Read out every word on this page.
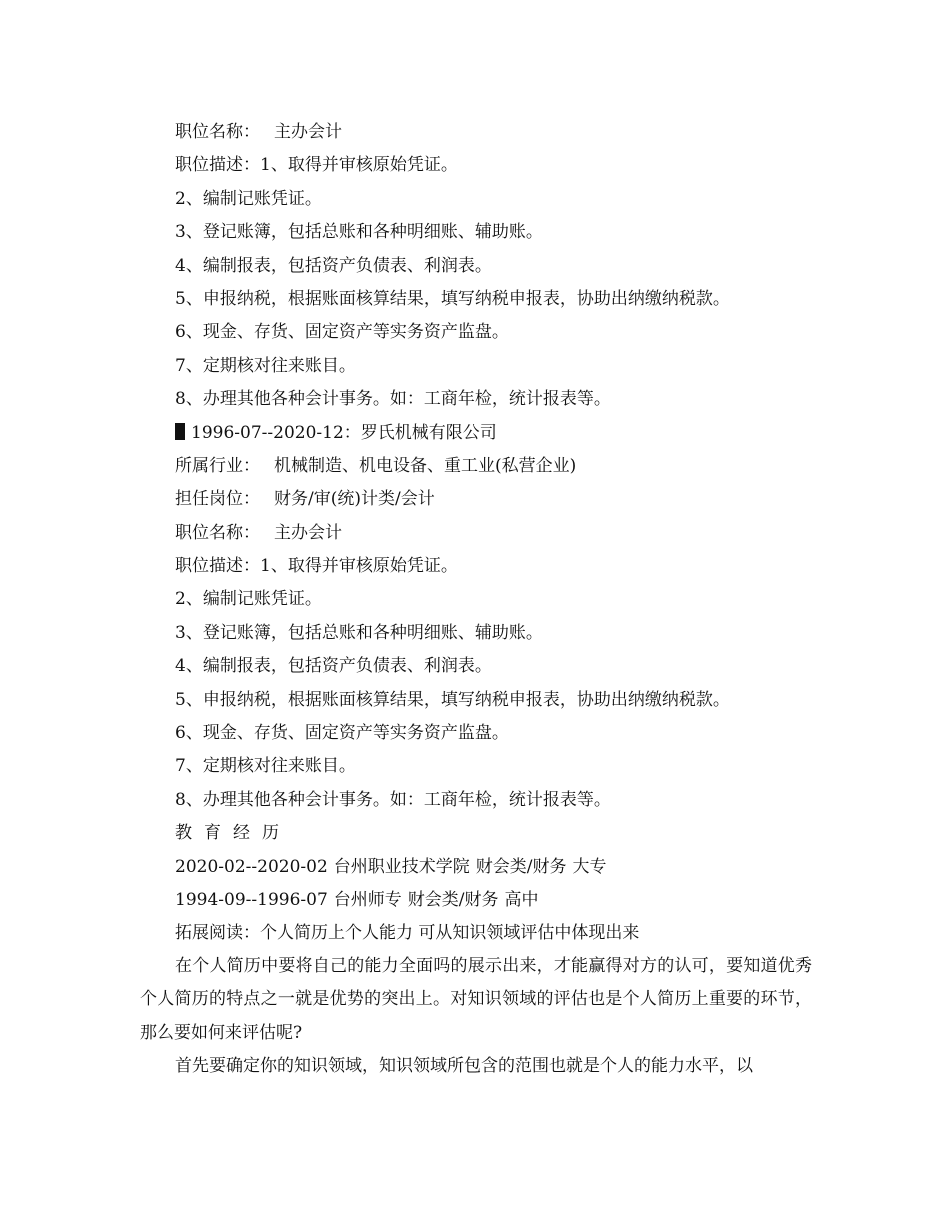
职位名称： 主办会计
职位描述：1、取得并审核原始凭证。
2、编制记账凭证。
3、登记账簿，包括总账和各种明细账、辅助账。
4、编制报表，包括资产负债表、利润表。
5、申报纳税，根据账面核算结果，填写纳税申报表，协助出纳缴纳税款。
6、现金、存货、固定资产等实务资产监盘。
7、定期核对往来账目。
8、办理其他各种会计事务。如：工商年检，统计报表等。
1996-07--2020-12：罗氏机械有限公司
所属行业： 机械制造、机电设备、重工业(私营企业)
担任岗位： 财务/审(统)计类/会计
职位名称： 主办会计
职位描述：1、取得并审核原始凭证。
2、编制记账凭证。
3、登记账簿，包括总账和各种明细账、辅助账。
4、编制报表，包括资产负债表、利润表。
5、申报纳税，根据账面核算结果，填写纳税申报表，协助出纳缴纳税款。
6、现金、存货、固定资产等实务资产监盘。
7、定期核对往来账目。
8、办理其他各种会计事务。如：工商年检，统计报表等。
教 育 经 历
2020-02--2020-02 台州职业技术学院 财会类/财务 大专
1994-09--1996-07 台州师专 财会类/财务 高中
拓展阅读：个人简历上个人能力 可从知识领域评估中体现出来
在个人简历中要将自己的能力全面吗的展示出来，才能赢得对方的认可，要知道优秀个人简历的特点之一就是优势的突出上。对知识领域的评估也是个人简历上重要的环节，那么要如何来评估呢?
首先要确定你的知识领域，知识领域所包含的范围也就是个人的能力水平，以
